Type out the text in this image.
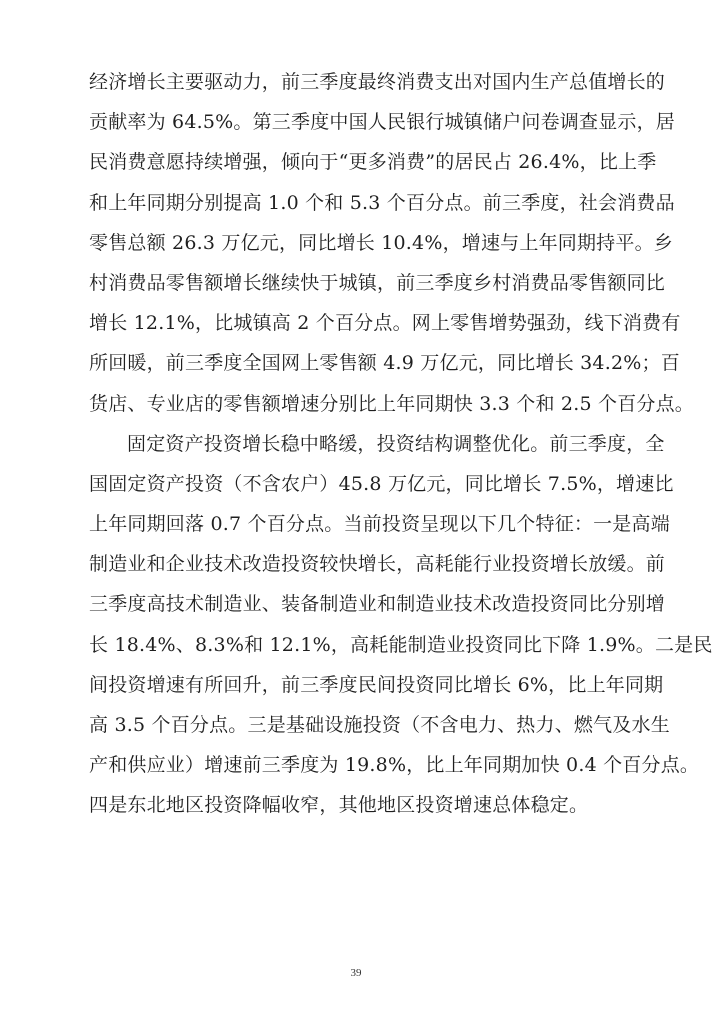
经济增长主要驱动力，前三季度最终消费支出对国内生产总值增长的
贡献率为 64.5%。第三季度中国人民银行城镇储户问卷调查显示，居
民消费意愿持续增强，倾向于“更多消费”的居民占 26.4%，比上季
和上年同期分别提高 1.0 个和 5.3 个百分点。前三季度，社会消费品
零售总额 26.3 万亿元，同比增长 10.4%，增速与上年同期持平。乡
村消费品零售额增长继续快于城镇，前三季度乡村消费品零售额同比
增长 12.1%，比城镇高 2 个百分点。网上零售增势强劲，线下消费有
所回暖，前三季度全国网上零售额 4.9 万亿元，同比增长 34.2%；百
货店、专业店的零售额增速分别比上年同期快 3.3 个和 2.5 个百分点。
固定资产投资增长稳中略缓，投资结构调整优化。前三季度，全
国固定资产投资（不含农户）45.8 万亿元，同比增长 7.5%，增速比
上年同期回落 0.7 个百分点。当前投资呈现以下几个特征：一是高端
制造业和企业技术改造投资较快增长，高耗能行业投资增长放缓。前
三季度高技术制造业、装备制造业和制造业技术改造投资同比分别增
长 18.4%、8.3%和 12.1%，高耗能制造业投资同比下降 1.9%。二是民
间投资增速有所回升，前三季度民间投资同比增长 6%，比上年同期
高 3.5 个百分点。三是基础设施投资（不含电力、热力、燃气及水生
产和供应业）增速前三季度为 19.8%，比上年同期加快 0.4 个百分点。
四是东北地区投资降幅收窄，其他地区投资增速总体稳定。
39
